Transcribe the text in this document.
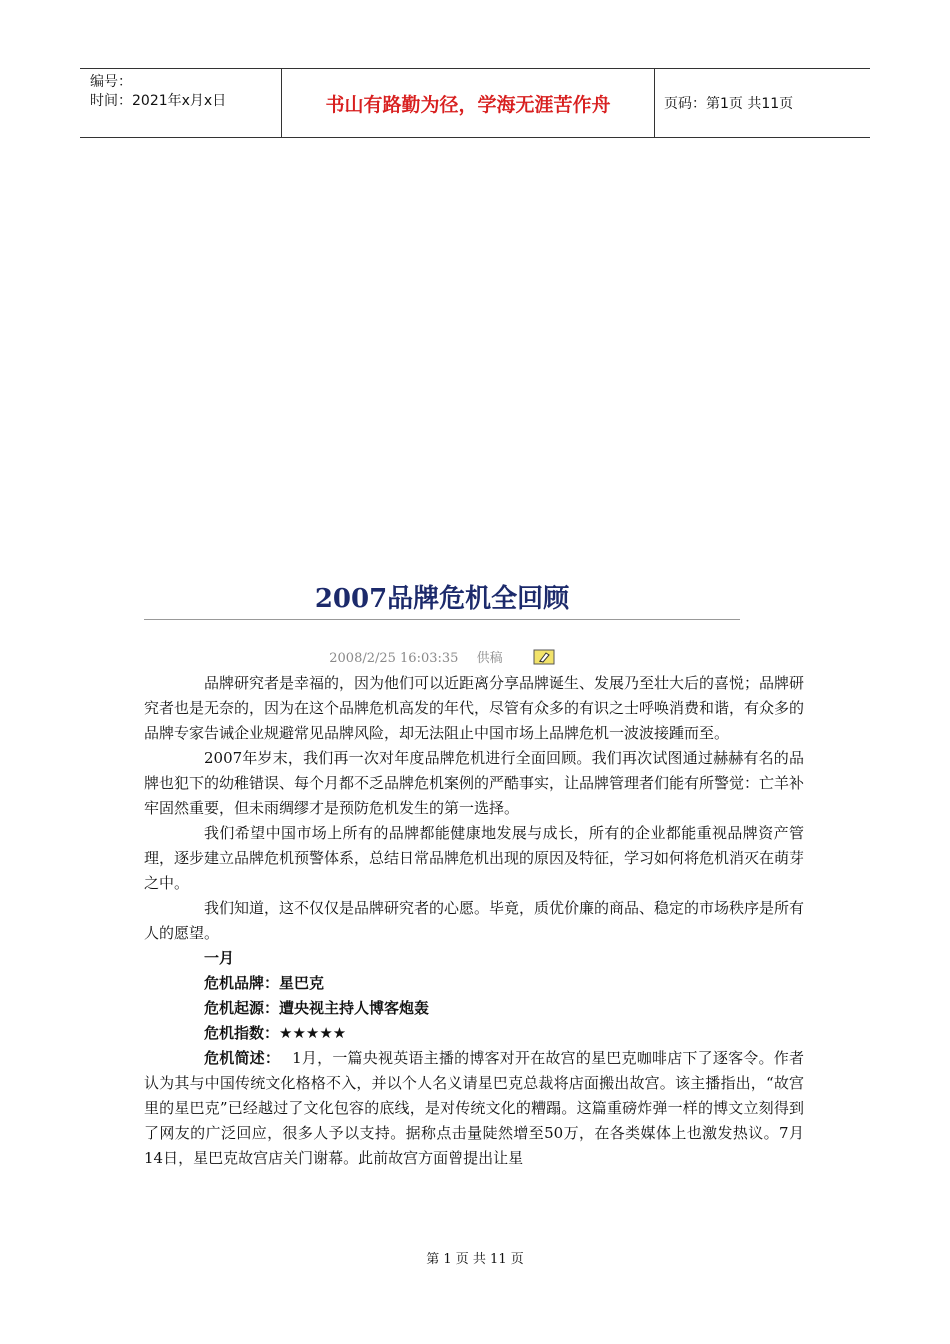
编号：
时间：2021年x月x日	书山有路勤为径，学海无涯苦作舟	页码：第1页 共11页
2007品牌危机全回顾
2008/2/25 16:03:35 供稿

品牌研究者是幸福的，因为他们可以近距离分享品牌诞生、发展乃至壮大后的喜悦；品牌研究者也是无奈的，因为在这个品牌危机高发的年代，尽管有众多的有识之士呼唤消费和谐，有众多的品牌专家告诫企业规避常见品牌风险，却无法阻止中国市场上品牌危机一波波接踵而至。

2007年岁末，我们再一次对年度品牌危机进行全面回顾。我们再次试图通过赫赫有名的品牌也犯下的幼稚错误、每个月都不乏品牌危机案例的严酷事实，让品牌管理者们能有所警觉：亡羊补牢固然重要，但未雨绸缪才是预防危机发生的第一选择。

我们希望中国市场上所有的品牌都能健康地发展与成长，所有的企业都能重视品牌资产管理，逐步建立品牌危机预警体系，总结日常品牌危机出现的原因及特征，学习如何将危机消灭在萌芽之中。

我们知道，这不仅仅是品牌研究者的心愿。毕竟，质优价廉的商品、稳定的市场秩序是所有人的愿望。

一月

危机品牌：星巴克

危机起源：遭央视主持人博客炮轰

危机指数：★★★★★

危机简述： 1月，一篇央视英语主播的博客对开在故宫的星巴克咖啡店下了逐客令。作者认为其与中国传统文化格格不入，并以个人名义请星巴克总裁将店面搬出故宫。该主播指出，“故宫里的星巴克”已经越过了文化包容的底线，是对传统文化的糟蹋。这篇重磅炸弹一样的博文立刻得到了网友的广泛回应，很多人予以支持。据称点击量陡然增至50万，在各类媒体上也激发热议。7月14日，星巴克故宫店关门谢幕。此前故宫方面曾提出让星

第 1 页 共 11 页
